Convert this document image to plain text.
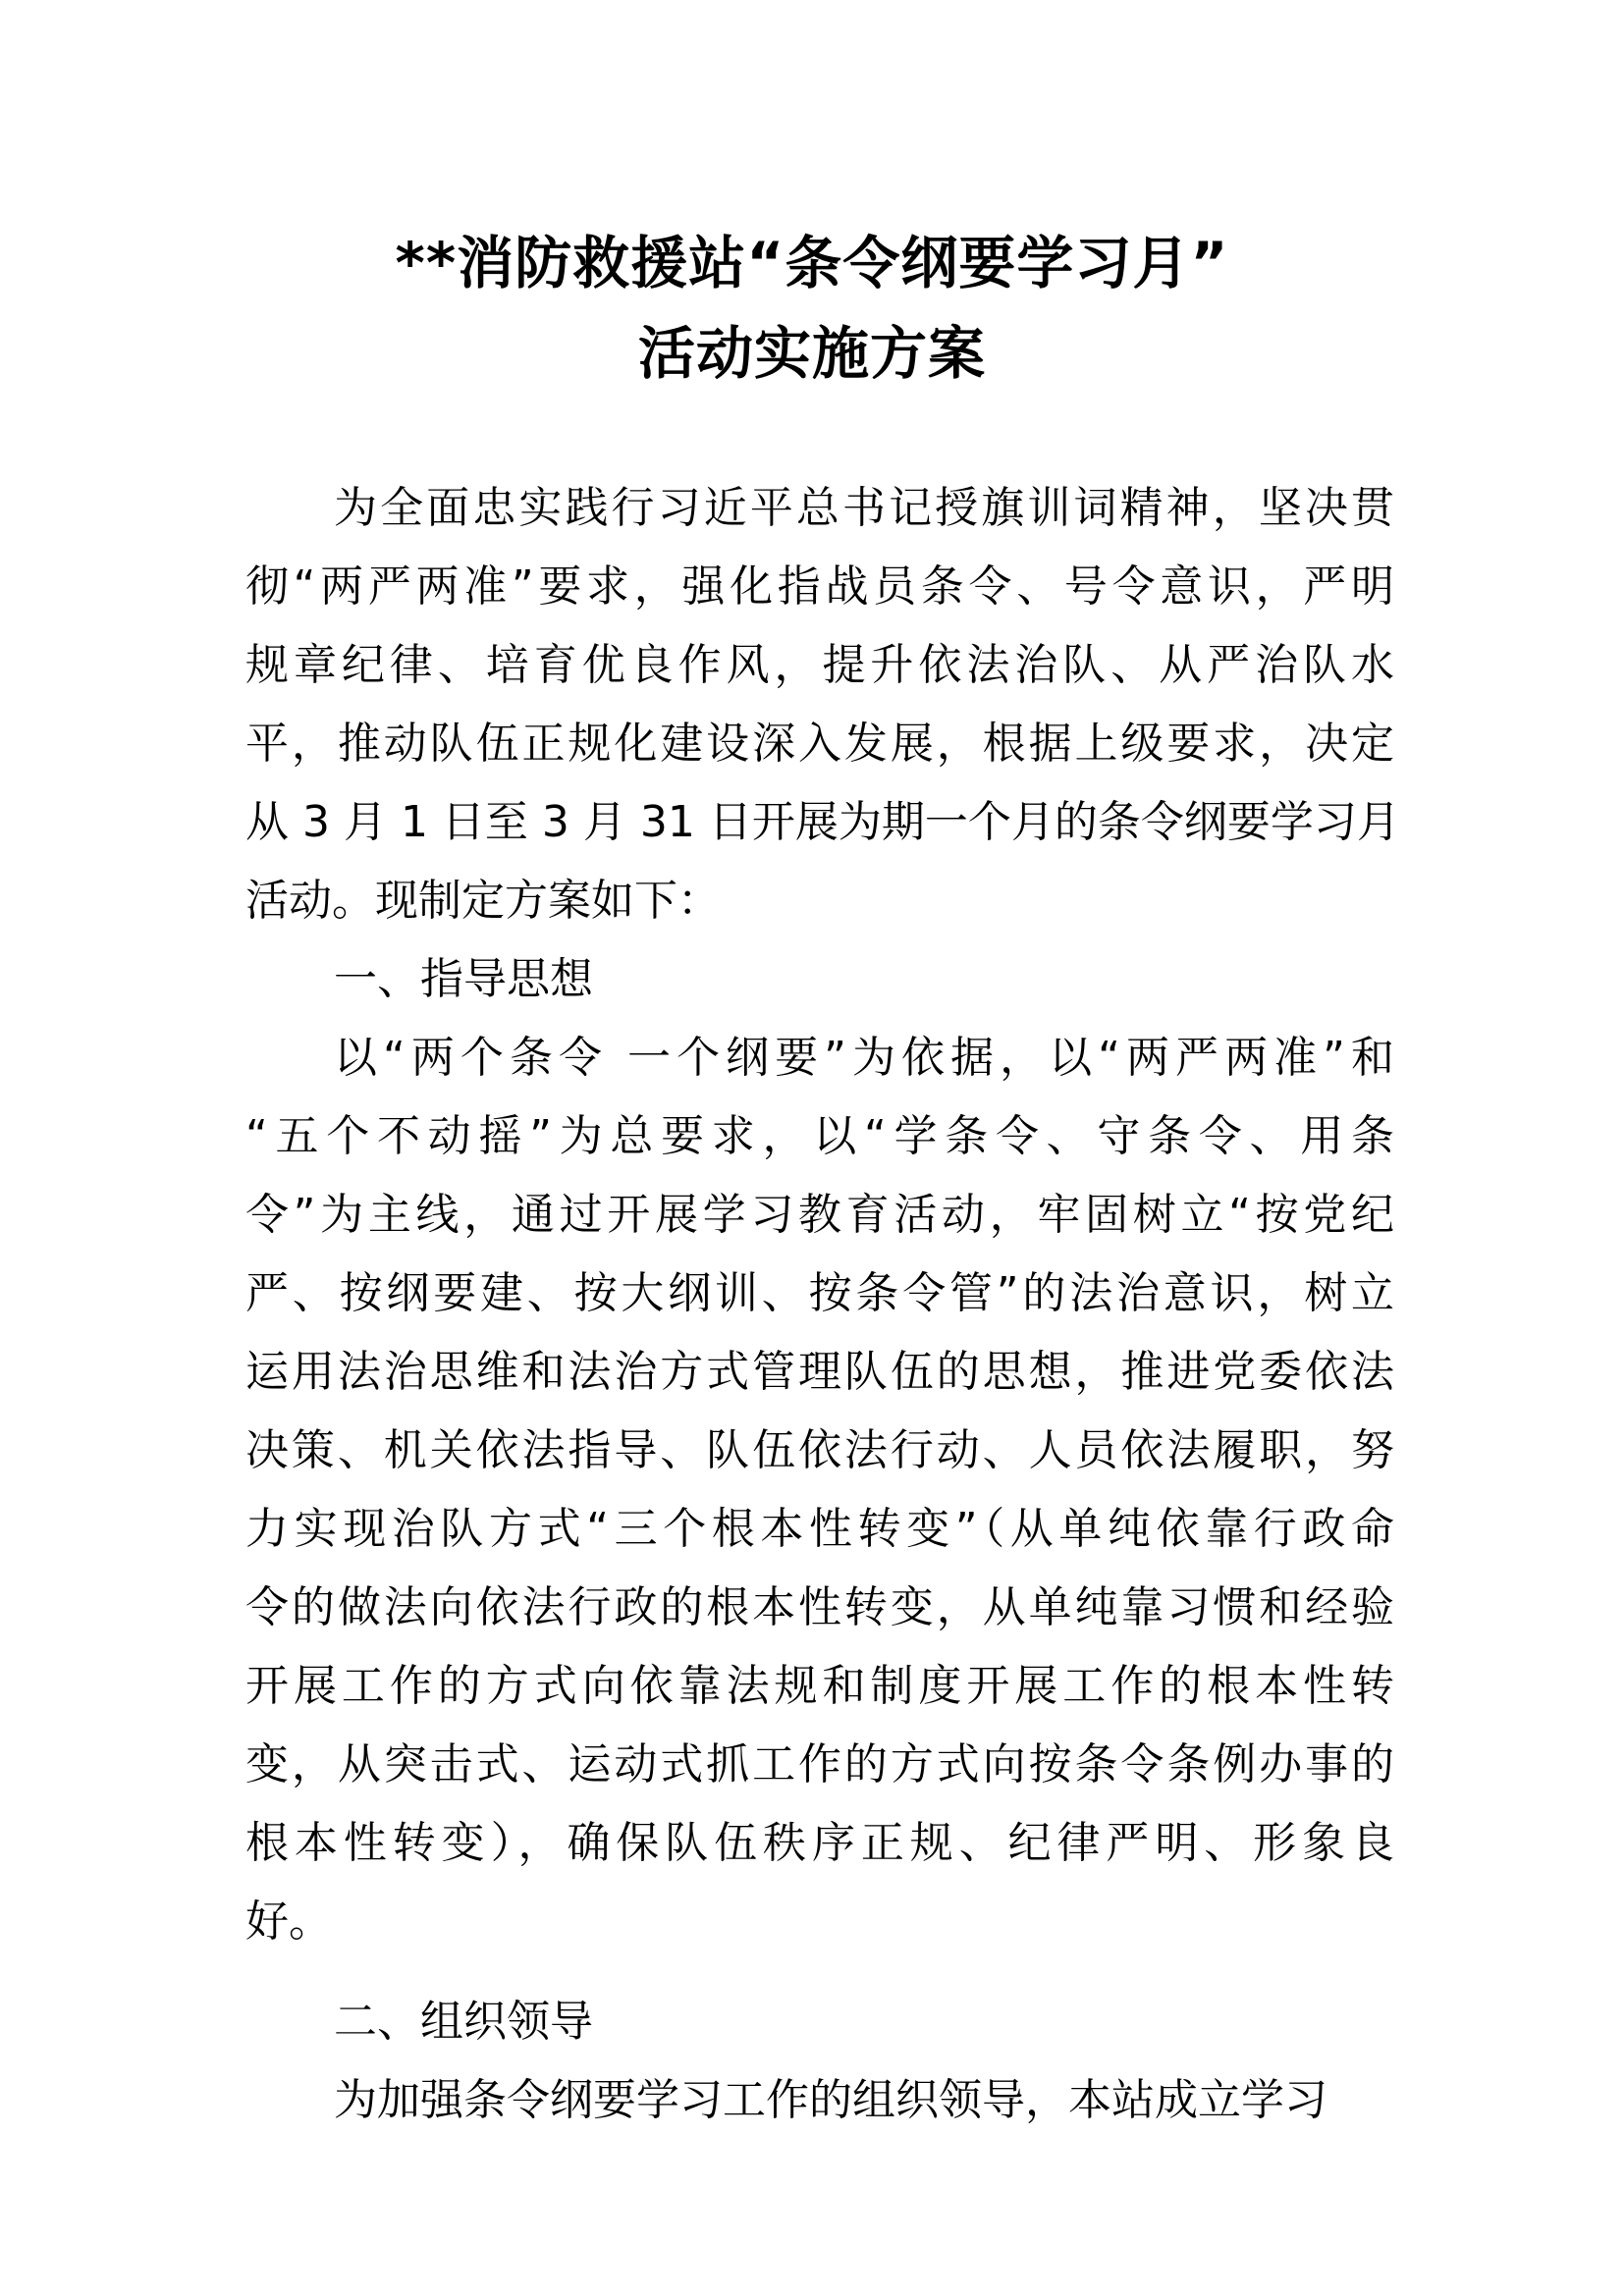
**消防救援站“条令纲要学习月”
活动实施方案
为全面忠实践行习近平总书记授旗训词精神，坚决贯
彻“两严两准”要求，强化指战员条令、号令意识，严明
规章纪律、培育优良作风，提升依法治队、从严治队水
平，推动队伍正规化建设深入发展，根据上级要求，决定
从 3 月 1 日至 3 月 31 日开展为期一个月的条令纲要学习月
活动。现制定方案如下：
一、指导思想
以“两个条令 一个纲要”为依据，以“两严两准”和
“五个不动摇”为总要求，以“学条令、守条令、用条
令”为主线，通过开展学习教育活动，牢固树立“按党纪
严、按纲要建、按大纲训、按条令管”的法治意识，树立
运用法治思维和法治方式管理队伍的思想，推进党委依法
决策、机关依法指导、队伍依法行动、人员依法履职，努
力实现治队方式“三个根本性转变”（从单纯依靠行政命
令的做法向依法行政的根本性转变，从单纯靠习惯和经验
开展工作的方式向依靠法规和制度开展工作的根本性转
变，从突击式、运动式抓工作的方式向按条令条例办事的
根本性转变），确保队伍秩序正规、纪律严明、形象良
好。
二、组织领导
为加强条令纲要学习工作的组织领导，本站成立学习
